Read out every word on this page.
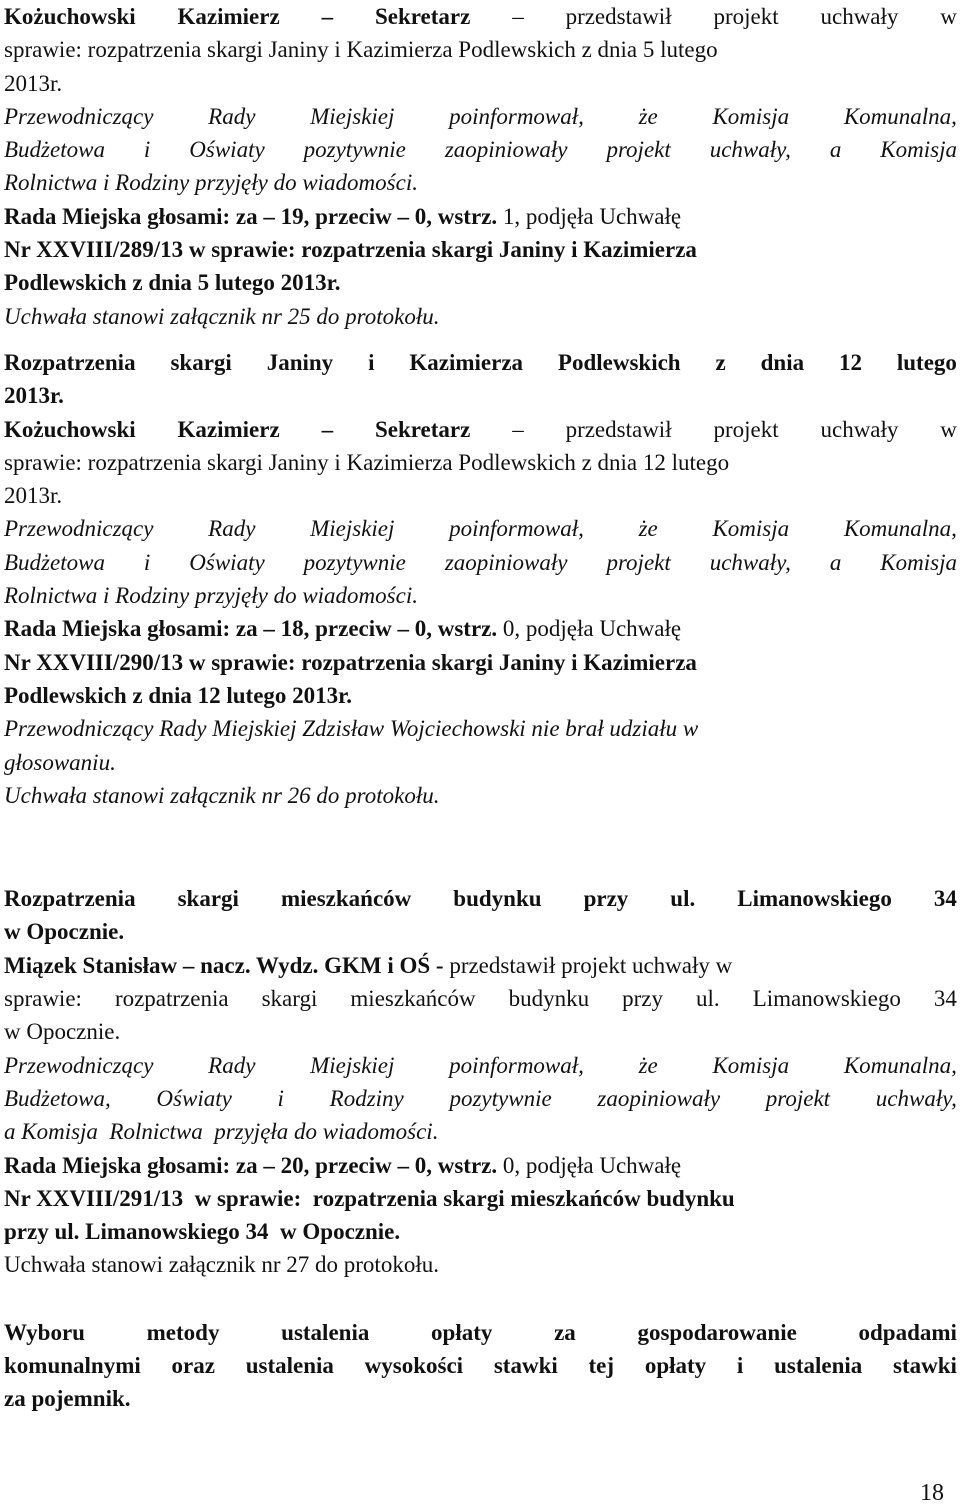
Kożuchowski Kazimierz – Sekretarz – przedstawił projekt uchwały w
sprawie: rozpatrzenia skargi Janiny i Kazimierza Podlewskich z dnia 5 lutego
2013r.
Przewodniczący Rady Miejskiej poinformował, że Komisja Komunalna,
Budżetowa i Oświaty pozytywnie zaopiniowały projekt uchwały, a Komisja
Rolnictwa i Rodziny przyjęły do wiadomości.
Rada Miejska głosami: za – 19, przeciw – 0, wstrz. 1, podjęła Uchwałę
Nr XXVIII/289/13 w sprawie: rozpatrzenia skargi Janiny i Kazimierza
Podlewskich z dnia 5 lutego 2013r.
Uchwała stanowi załącznik nr 25 do protokołu.
Rozpatrzenia skargi Janiny i Kazimierza Podlewskich z dnia 12 lutego
2013r.
Kożuchowski Kazimierz – Sekretarz – przedstawił projekt uchwały w
sprawie: rozpatrzenia skargi Janiny i Kazimierza Podlewskich z dnia 12 lutego
2013r.
Przewodniczący Rady Miejskiej poinformował, że Komisja Komunalna,
Budżetowa i Oświaty pozytywnie zaopiniowały projekt uchwały, a Komisja
Rolnictwa i Rodziny przyjęły do wiadomości.
Rada Miejska głosami: za – 18, przeciw – 0, wstrz. 0, podjęła Uchwałę
Nr XXVIII/290/13 w sprawie: rozpatrzenia skargi Janiny i Kazimierza
Podlewskich z dnia 12 lutego 2013r.
Przewodniczący Rady Miejskiej Zdzisław Wojciechowski nie brał udziału w
głosowaniu.
Uchwała stanowi załącznik nr 26 do protokołu.
Rozpatrzenia skargi mieszkańców budynku przy ul. Limanowskiego 34
w Opocznie.
Miązek Stanisław – nacz. Wydz. GKM i OŚ - przedstawił projekt uchwały w
sprawie: rozpatrzenia skargi mieszkańców budynku przy ul. Limanowskiego 34
w Opocznie.
Przewodniczący Rady Miejskiej poinformował, że Komisja Komunalna,
Budżetowa, Oświaty i Rodziny pozytywnie zaopiniowały projekt uchwały,
a Komisja  Rolnictwa  przyjęła do wiadomości.
Rada Miejska głosami: za – 20, przeciw – 0, wstrz. 0, podjęła Uchwałę
Nr XXVIII/291/13  w sprawie:  rozpatrzenia skargi mieszkańców budynku
przy ul. Limanowskiego 34  w Opocznie.
Uchwała stanowi załącznik nr 27 do protokołu.
Wyboru	metody	ustalenia	opłaty	za	gospodarowanie	odpadami
komunalnymi oraz ustalenia wysokości stawki tej opłaty i ustalenia stawki
za pojemnik.
18
